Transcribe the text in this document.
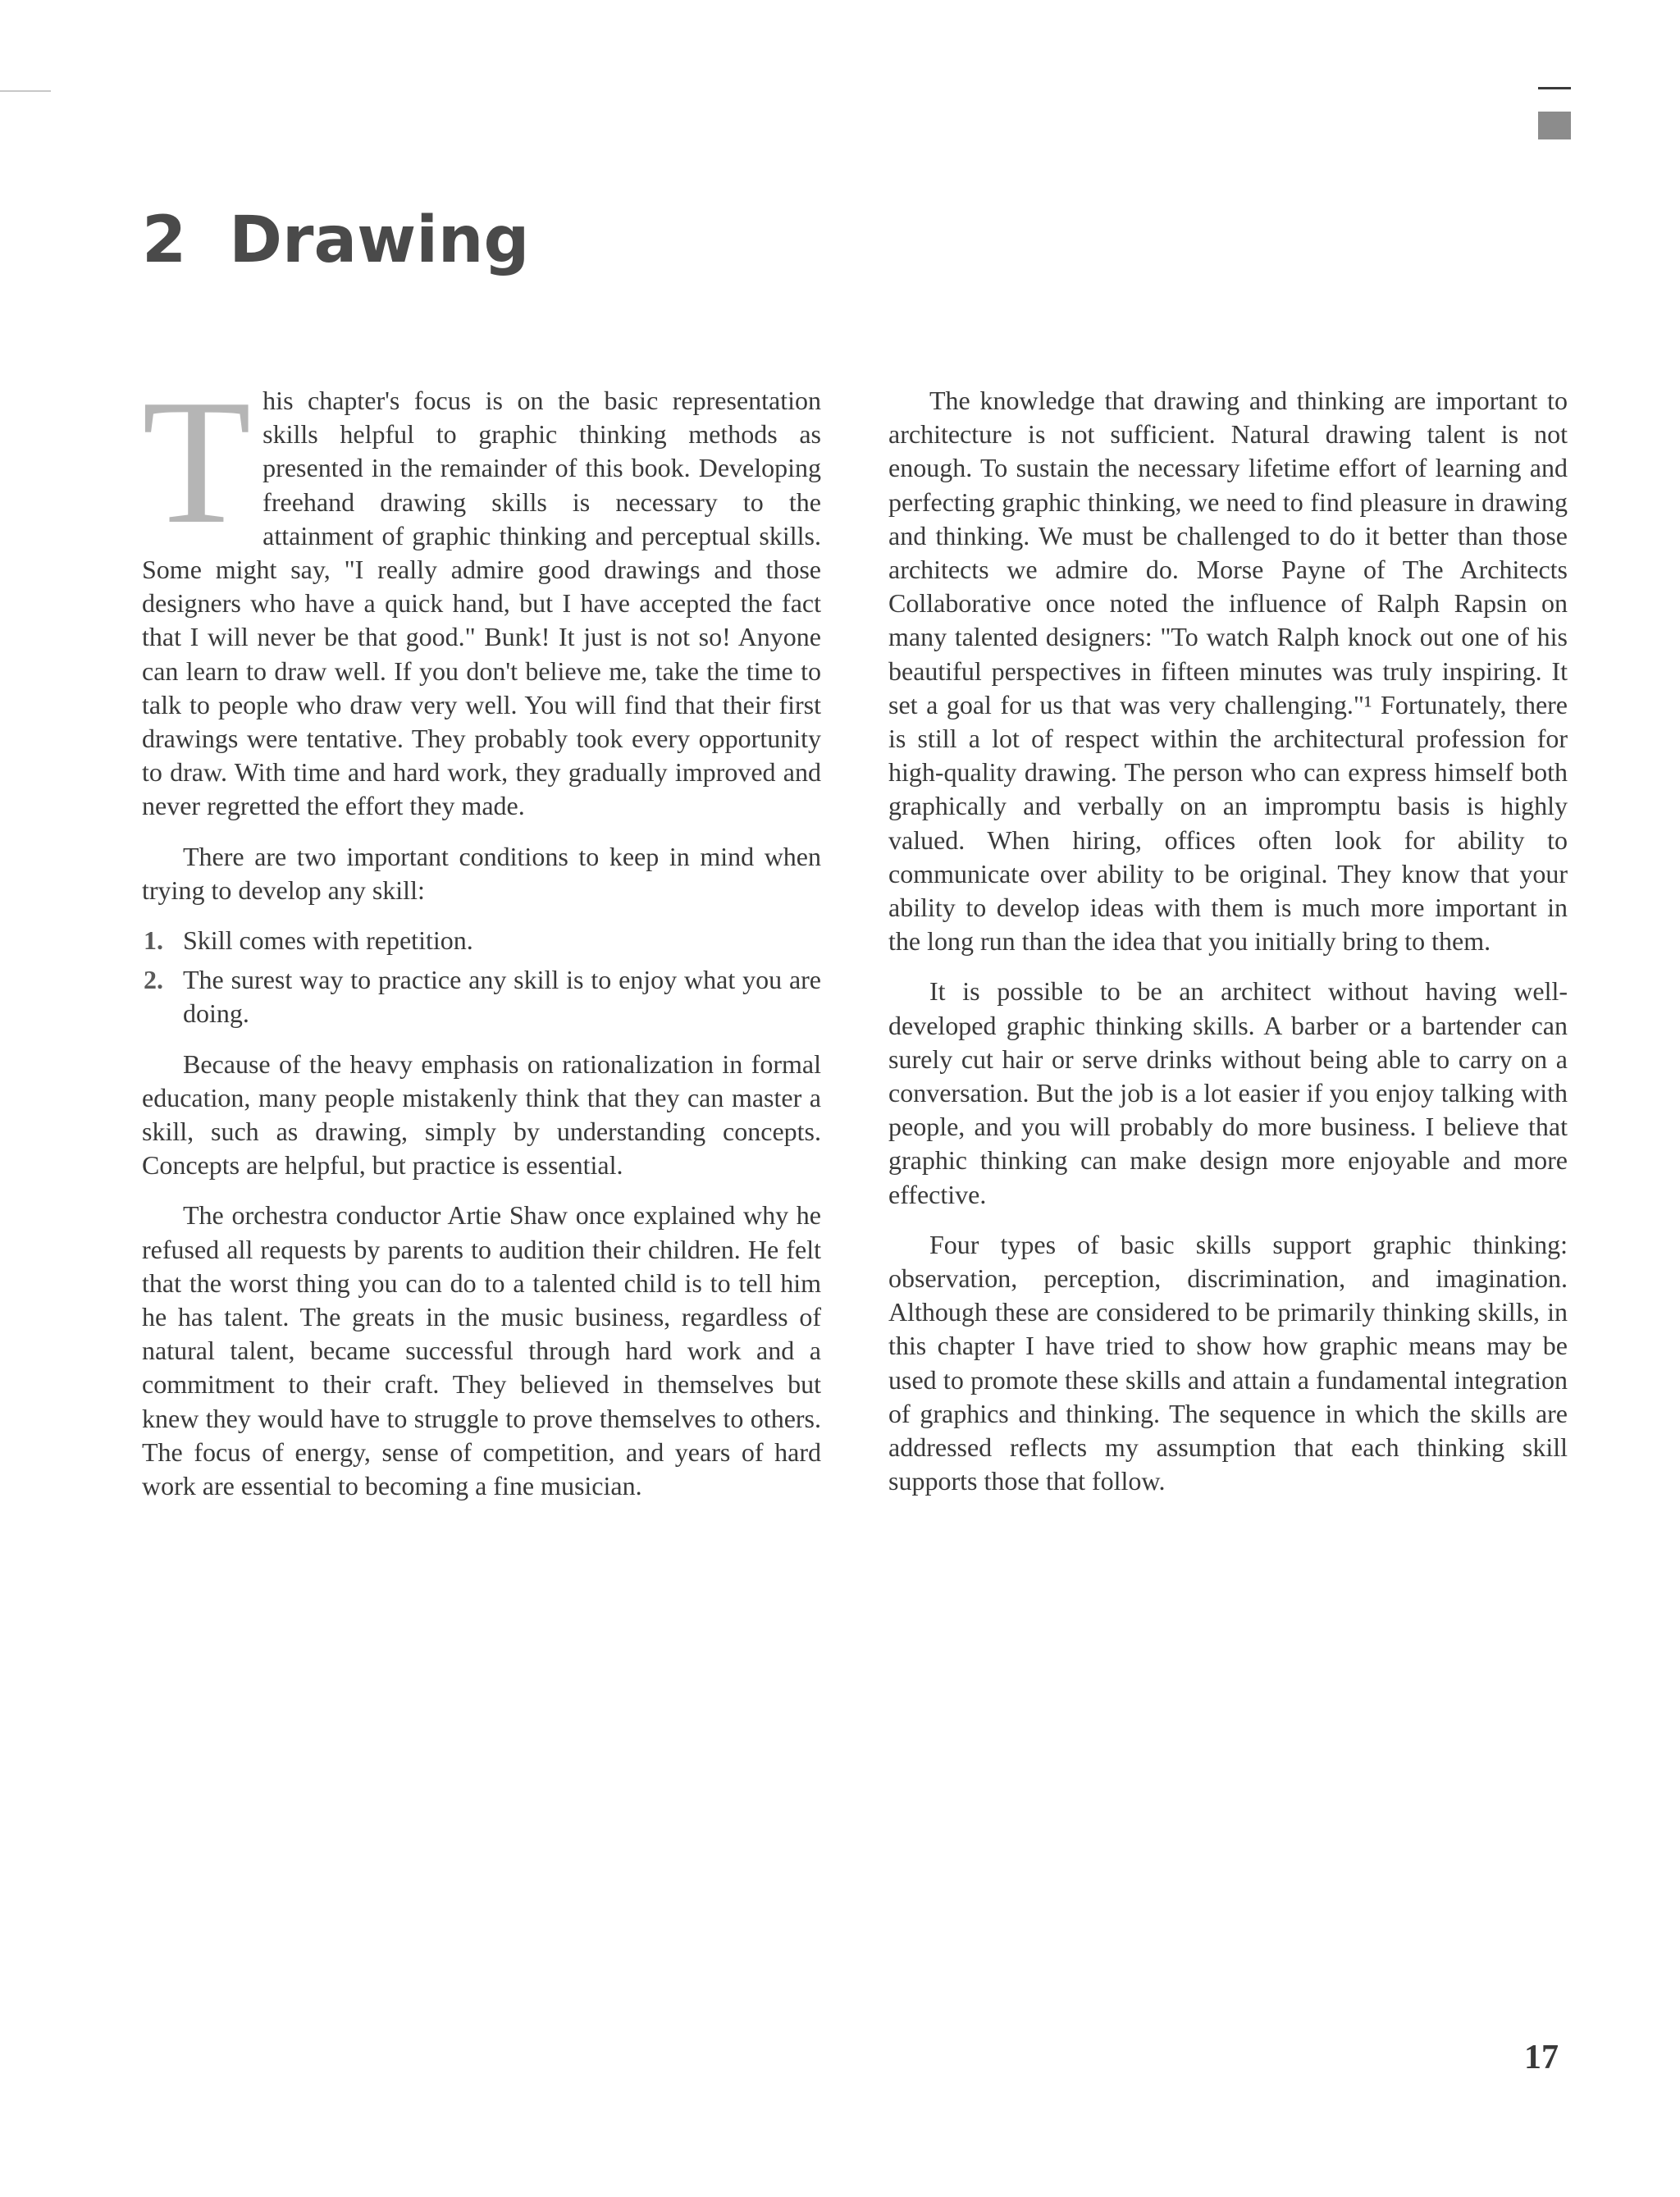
2 Drawing

This chapter's focus is on the basic representation skills helpful to graphic thinking methods as presented in the remainder of this book. Developing freehand drawing skills is necessary to the attainment of graphic thinking and perceptual skills. Some might say, "I really admire good drawings and those designers who have a quick hand, but I have accepted the fact that I will never be that good." Bunk! It just is not so! Anyone can learn to draw well. If you don't believe me, take the time to talk to people who draw very well. You will find that their first drawings were tentative. They probably took every opportunity to draw. With time and hard work, they gradually improved and never regretted the effort they made.

There are two important conditions to keep in mind when trying to develop any skill:

1. Skill comes with repetition.
2. The surest way to practice any skill is to enjoy what you are doing.

Because of the heavy emphasis on rationalization in formal education, many people mistakenly think that they can master a skill, such as drawing, simply by understanding concepts. Concepts are helpful, but practice is essential.

The orchestra conductor Artie Shaw once explained why he refused all requests by parents to audition their children. He felt that the worst thing you can do to a talented child is to tell him he has talent. The greats in the music business, regardless of natural talent, became successful through hard work and a commitment to their craft. They believed in themselves but knew they would have to struggle to prove themselves to others. The focus of energy, sense of competition, and years of hard work are essential to becoming a fine musician.

The knowledge that drawing and thinking are important to architecture is not sufficient. Natural drawing talent is not enough. To sustain the necessary lifetime effort of learning and perfecting graphic thinking, we need to find pleasure in drawing and thinking. We must be challenged to do it better than those architects we admire do. Morse Payne of The Architects Collaborative once noted the influence of Ralph Rapsin on many talented designers: "To watch Ralph knock out one of his beautiful perspectives in fifteen minutes was truly inspiring. It set a goal for us that was very challenging."¹ Fortunately, there is still a lot of respect within the architectural profession for high-quality drawing. The person who can express himself both graphically and verbally on an impromptu basis is highly valued. When hiring, offices often look for ability to communicate over ability to be original. They know that your ability to develop ideas with them is much more important in the long run than the idea that you initially bring to them.

It is possible to be an architect without having well-developed graphic thinking skills. A barber or a bartender can surely cut hair or serve drinks without being able to carry on a conversation. But the job is a lot easier if you enjoy talking with people, and you will probably do more business. I believe that graphic thinking can make design more enjoyable and more effective.

Four types of basic skills support graphic thinking: observation, perception, discrimination, and imagination. Although these are considered to be primarily thinking skills, in this chapter I have tried to show how graphic means may be used to promote these skills and attain a fundamental integration of graphics and thinking. The sequence in which the skills are addressed reflects my assumption that each thinking skill supports those that follow.

17
